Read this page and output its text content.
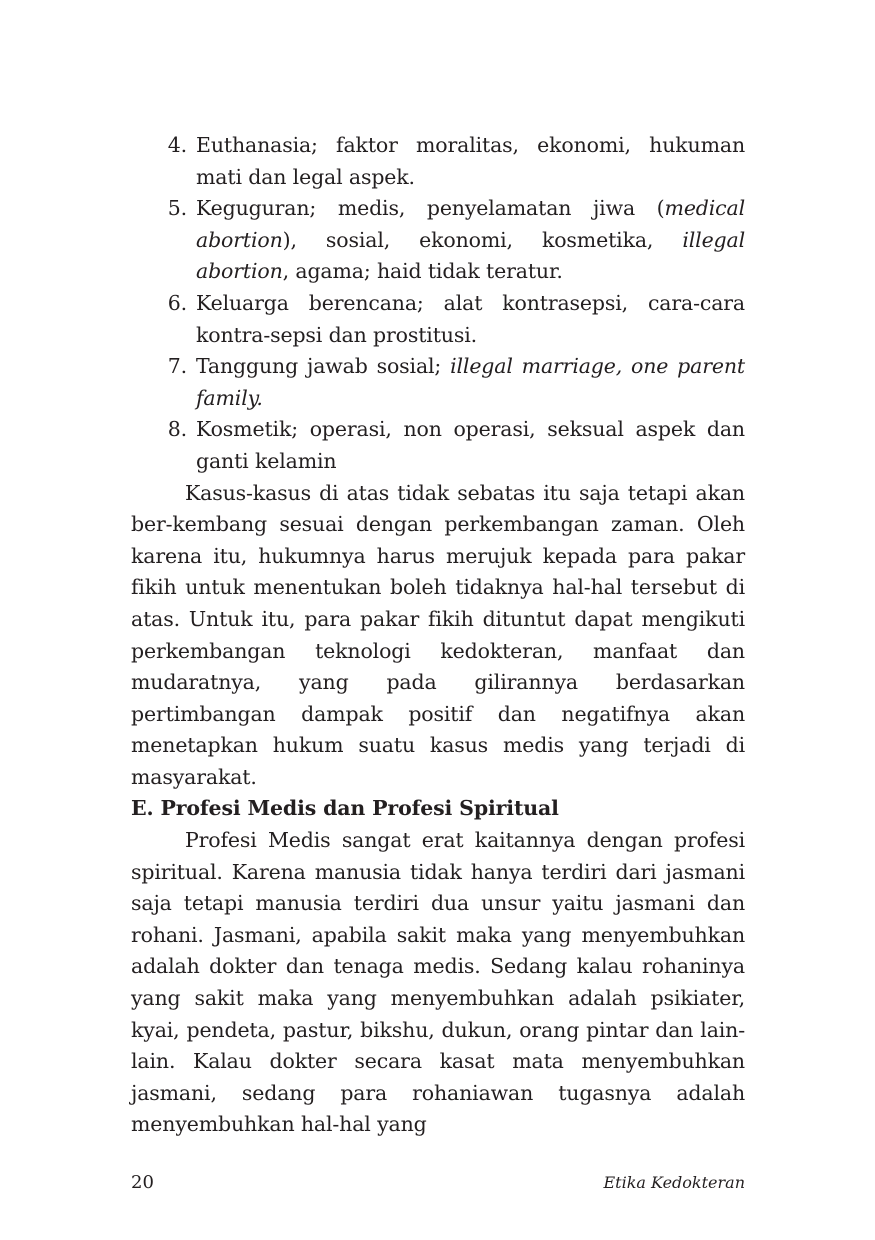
4. Euthanasia; faktor moralitas, ekonomi, hukuman mati dan legal aspek.
5. Keguguran; medis, penyelamatan jiwa (medical abortion), sosial, ekonomi, kosmetika, illegal abortion, agama; haid tidak teratur.
6. Keluarga berencana; alat kontrasepsi, cara-cara kontra-sepsi dan prostitusi.
7. Tanggung jawab sosial; illegal marriage, one parent family.
8. Kosmetik; operasi, non operasi, seksual aspek dan ganti kelamin

Kasus-kasus di atas tidak sebatas itu saja tetapi akan ber-kembang sesuai dengan perkembangan zaman. Oleh karena itu, hukumnya harus merujuk kepada para pakar fikih untuk menentukan boleh tidaknya hal-hal tersebut di atas. Untuk itu, para pakar fikih dituntut dapat mengikuti perkembangan teknologi kedokteran, manfaat dan mudaratnya, yang pada gilirannya berdasarkan pertimbangan dampak positif dan negatifnya akan menetapkan hukum suatu kasus medis yang terjadi di masyarakat.

E. Profesi Medis dan Profesi Spiritual

Profesi Medis sangat erat kaitannya dengan profesi spiritual. Karena manusia tidak hanya terdiri dari jasmani saja tetapi manusia terdiri dua unsur yaitu jasmani dan rohani. Jasmani, apabila sakit maka yang menyembuhkan adalah dokter dan tenaga medis. Sedang kalau rohaninya yang sakit maka yang menyembuhkan adalah psikiater, kyai, pendeta, pastur, bikshu, dukun, orang pintar dan lain-lain. Kalau dokter secara kasat mata menyembuhkan jasmani, sedang para rohaniawan tugasnya adalah menyembuhkan hal-hal yang

20	Etika Kedokteran
